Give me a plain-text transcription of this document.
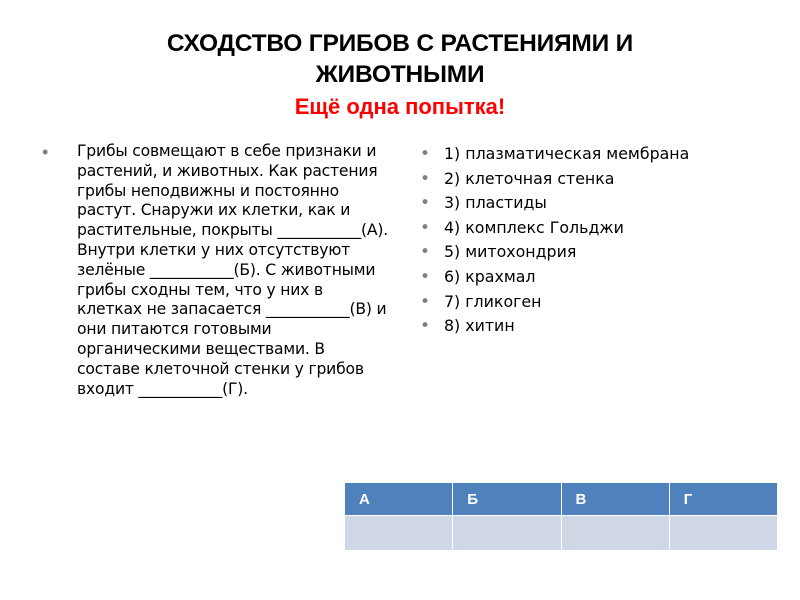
СХОДСТВО ГРИБОВ С РАСТЕНИЯМИ И ЖИВОТНЫМИ
Ещё одна попытка!
• Грибы совмещают в себе признаки и растений, и животных. Как растения грибы неподвижны и постоянно растут. Снаружи их клетки, как и растительные, покрыты ___________(А). Внутри клетки у них отсутствуют зелёные ___________(Б). С животными грибы сходны тем, что у них в клетках не запасается ___________(В) и они питаются готовыми органическими веществами. В составе клеточной стенки у грибов входит ___________(Г).
• 1) плазматическая мембрана
• 2) клеточная стенка
• 3) пластиды
• 4) комплекс Гольджи
• 5) митохондрия
• 6) крахмал
• 7) гликоген
• 8) хитин
А	Б	В	Г
